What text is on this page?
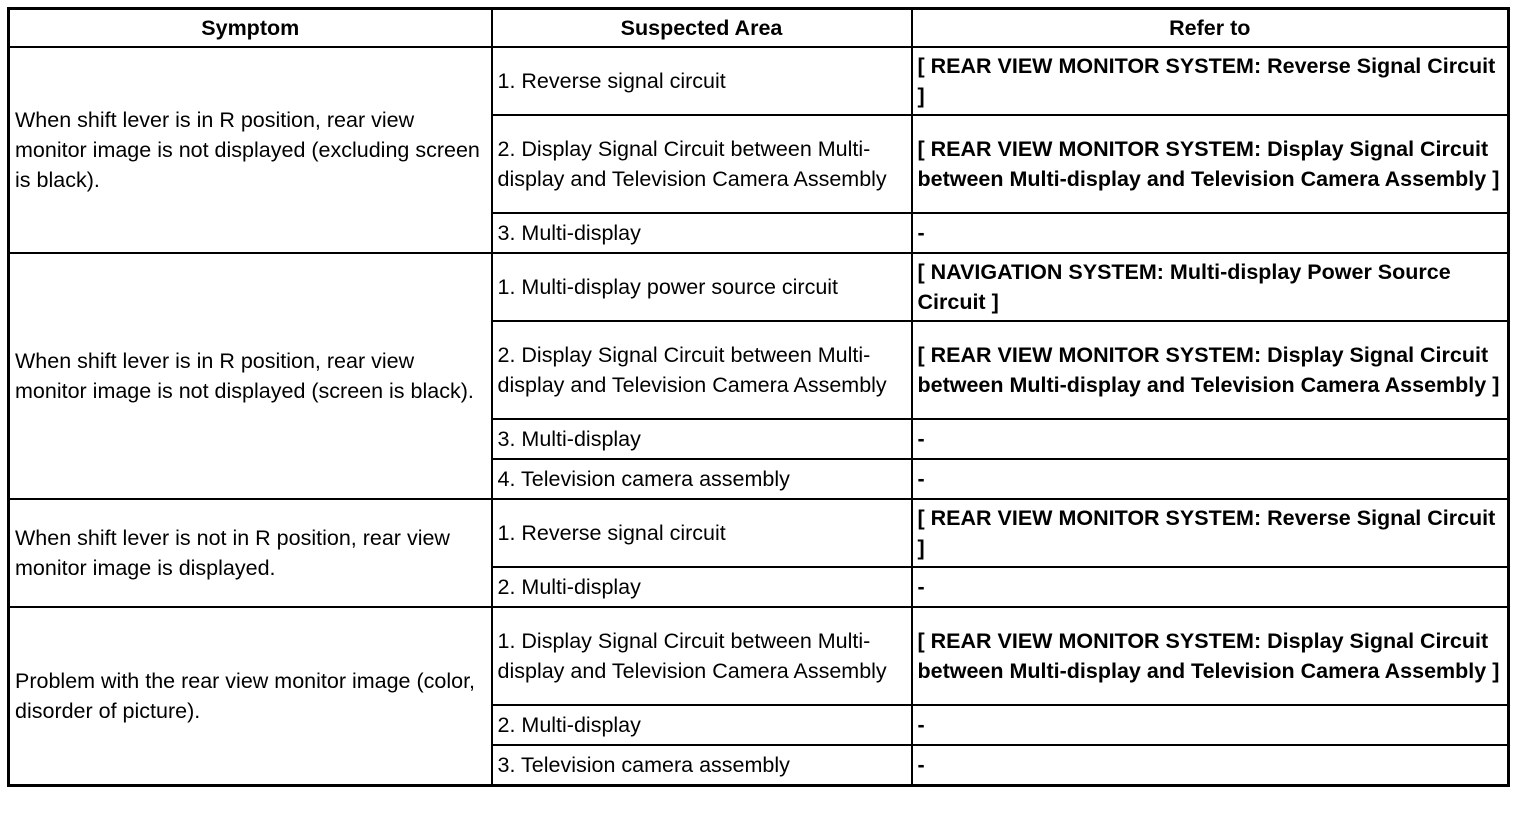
Symptom	Suspected Area	Refer to
When shift lever is in R position, rear view monitor image is not displayed (excluding screen is black).	1. Reverse signal circuit	[ REAR VIEW MONITOR SYSTEM: Reverse Signal Circuit ]
	2. Display Signal Circuit between Multi-display and Television Camera Assembly	[ REAR VIEW MONITOR SYSTEM: Display Signal Circuit between Multi-display and Television Camera Assembly ]
	3. Multi-display	-
When shift lever is in R position, rear view monitor image is not displayed (screen is black).	1. Multi-display power source circuit	[ NAVIGATION SYSTEM: Multi-display Power Source Circuit ]
	2. Display Signal Circuit between Multi-display and Television Camera Assembly	[ REAR VIEW MONITOR SYSTEM: Display Signal Circuit between Multi-display and Television Camera Assembly ]
	3. Multi-display	-
	4. Television camera assembly	-
When shift lever is not in R position, rear view monitor image is displayed.	1. Reverse signal circuit	[ REAR VIEW MONITOR SYSTEM: Reverse Signal Circuit ]
	2. Multi-display	-
Problem with the rear view monitor image (color, disorder of picture).	1. Display Signal Circuit between Multi-display and Television Camera Assembly	[ REAR VIEW MONITOR SYSTEM: Display Signal Circuit between Multi-display and Television Camera Assembly ]
	2. Multi-display	-
	3. Television camera assembly	-
